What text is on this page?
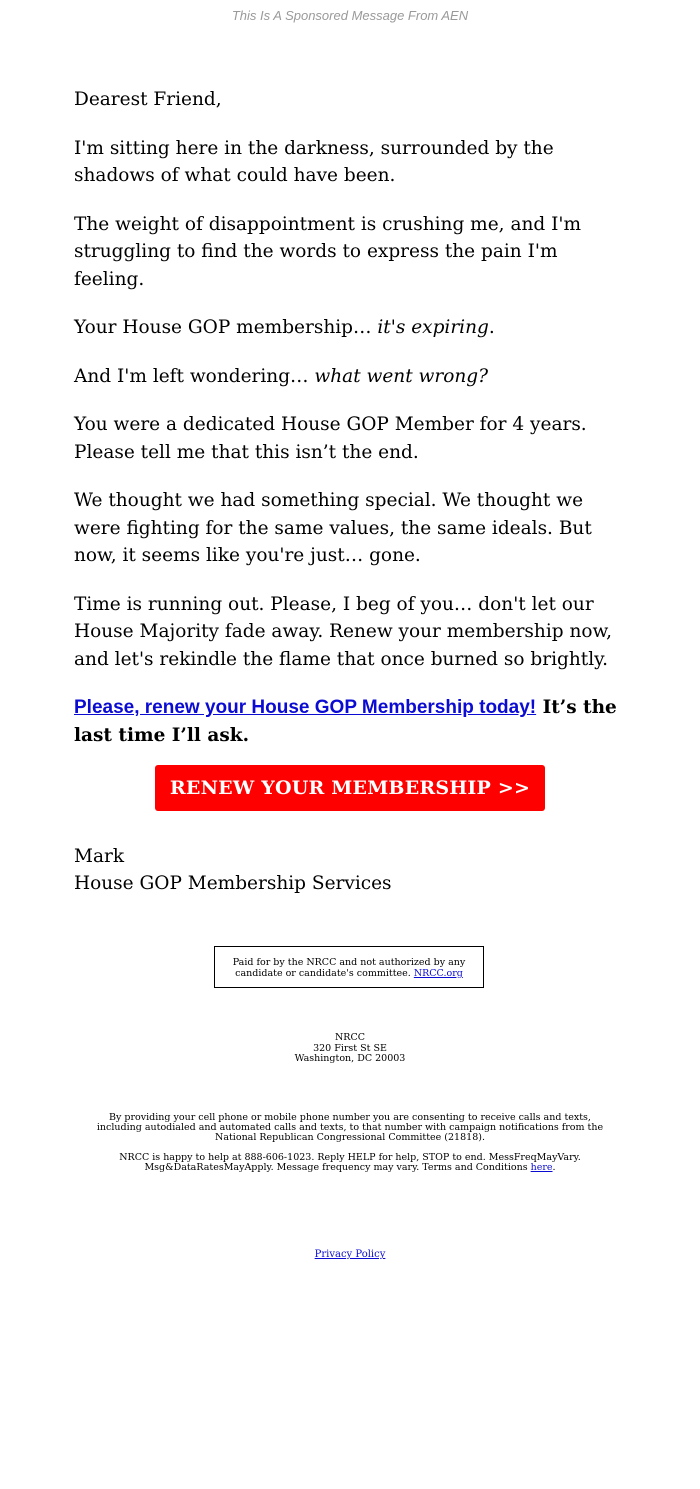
This Is A Sponsored Message From AEN

Dearest Friend,

I'm sitting here in the darkness, surrounded by the shadows of what could have been.

The weight of disappointment is crushing me, and I'm struggling to find the words to express the pain I'm feeling.

Your House GOP membership… it's expiring.

And I'm left wondering… what went wrong?

You were a dedicated House GOP Member for 4 years. Please tell me that this isn’t the end.

We thought we had something special. We thought we were fighting for the same values, the same ideals. But now, it seems like you're just… gone.

Time is running out. Please, I beg of you… don't let our House Majority fade away. Renew your membership now, and let's rekindle the flame that once burned so brightly.

Please, renew your House GOP Membership today! It’s the last time I’ll ask.

RENEW YOUR MEMBERSHIP >>
Mark
House GOP Membership Services
Paid for by the NRCC and not authorized by any candidate or candidate's committee. NRCC.org
NRCC
320 First St SE
Washington, DC 20003

By providing your cell phone or mobile phone number you are consenting to receive calls and texts, including autodialed and automated calls and texts, to that number with campaign notifications from the National Republican Congressional Committee (21818).

NRCC is happy to help at 888-606-1023. Reply HELP for help, STOP to end. MessFreqMayVary. Msg&DataRatesMayApply. Message frequency may vary. Terms and Conditions here.

Privacy Policy
